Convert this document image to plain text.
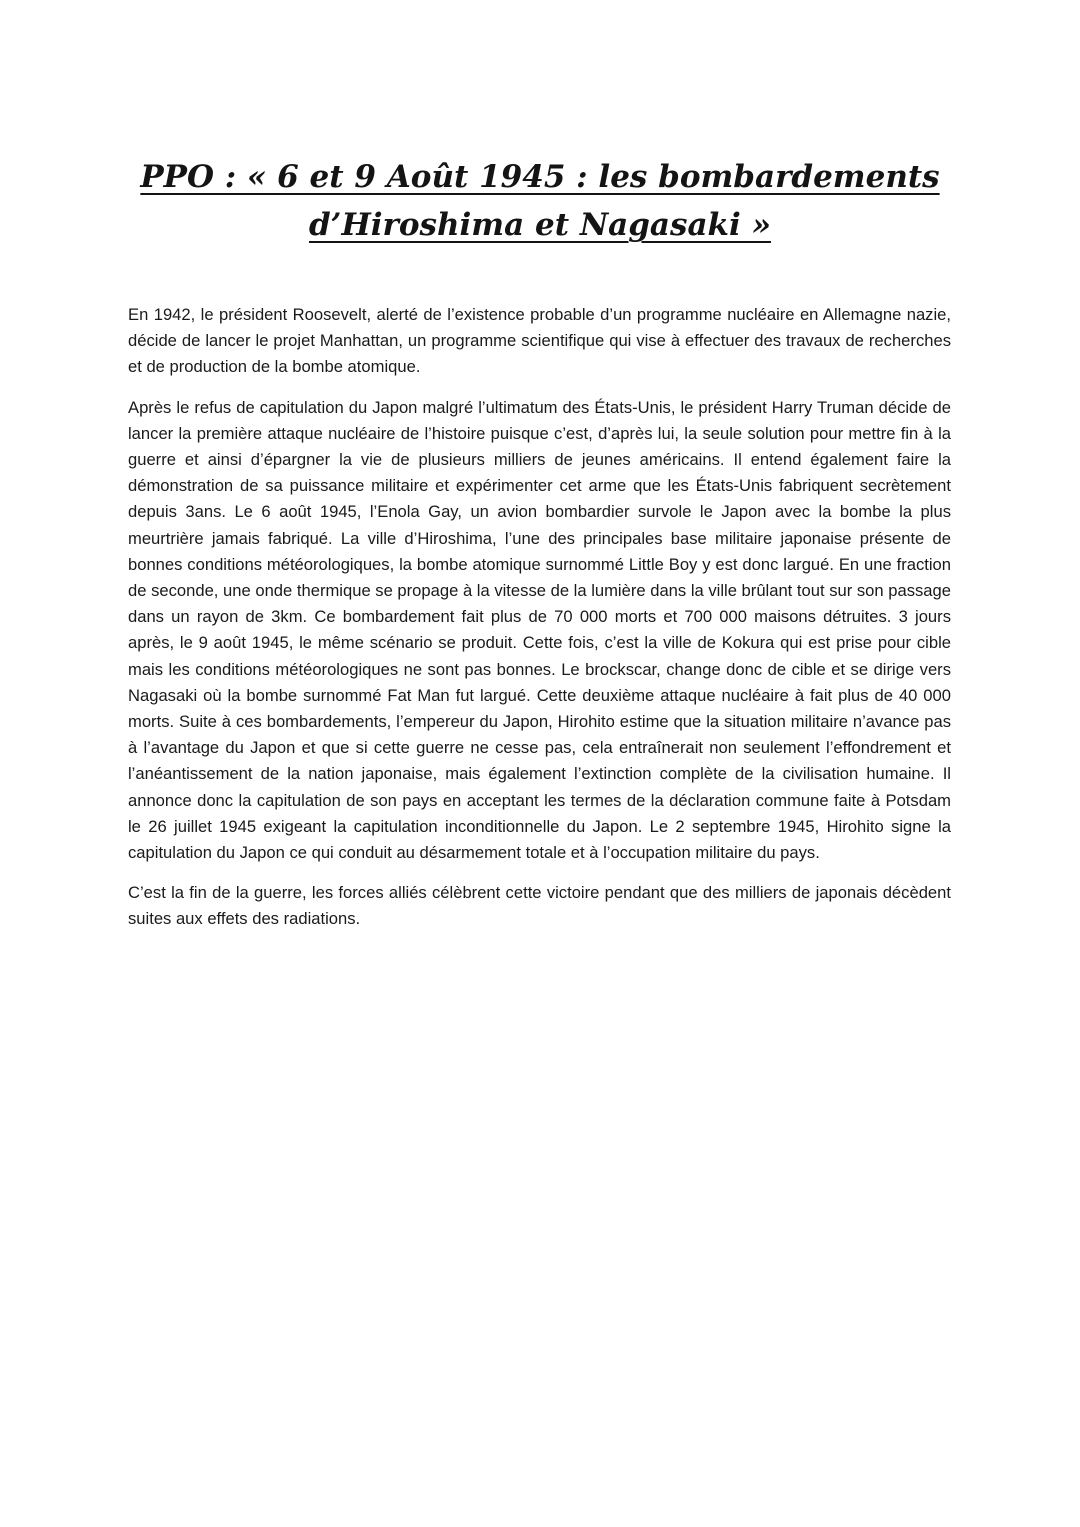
PPO : « 6 et 9 Août 1945 : les bombardements
d’Hiroshima et Nagasaki »

En 1942, le président Roosevelt, alerté de l’existence probable d’un programme nucléaire en Allemagne nazie, décide de lancer le projet Manhattan, un programme scientifique qui vise à effectuer des travaux de recherches et de production de la bombe atomique.

Après le refus de capitulation du Japon malgré l’ultimatum des États-Unis, le président Harry Truman décide de lancer la première attaque nucléaire de l’histoire puisque c’est, d’après lui, la seule solution pour mettre fin à la guerre et ainsi d’épargner la vie de plusieurs milliers de jeunes américains. Il entend également faire la démonstration de sa puissance militaire et expérimenter cet arme que les États-Unis fabriquent secrètement depuis 3ans. Le 6 août 1945, l’Enola Gay, un avion bombardier survole le Japon avec la bombe la plus meurtrière jamais fabriqué. La ville d’Hiroshima, l’une des principales base militaire japonaise présente de bonnes conditions météorologiques, la bombe atomique surnommé Little Boy y est donc largué. En une fraction de seconde, une onde thermique se propage à la vitesse de la lumière dans la ville brûlant tout sur son passage dans un rayon de 3km. Ce bombardement fait plus de 70 000 morts et 700 000 maisons détruites. 3 jours après, le 9 août 1945, le même scénario se produit. Cette fois, c’est la ville de Kokura qui est prise pour cible mais les conditions météorologiques ne sont pas bonnes. Le brockscar, change donc de cible et se dirige vers Nagasaki où la bombe surnommé Fat Man fut largué. Cette deuxième attaque nucléaire à fait plus de 40 000 morts. Suite à ces bombardements, l’empereur du Japon, Hirohito estime que la situation militaire n’avance pas à l’avantage du Japon et que si cette guerre ne cesse pas, cela entraînerait non seulement l’effondrement et l’anéantissement de la nation japonaise, mais également l’extinction complète de la civilisation humaine. Il annonce donc la capitulation de son pays en acceptant les termes de la déclaration commune faite à Potsdam le 26 juillet 1945 exigeant la capitulation inconditionnelle du Japon. Le 2 septembre 1945, Hirohito signe la capitulation du Japon ce qui conduit au désarmement totale et à l’occupation militaire du pays.

C’est la fin de la guerre, les forces alliés célèbrent cette victoire pendant que des milliers de japonais décèdent suites aux effets des radiations.
